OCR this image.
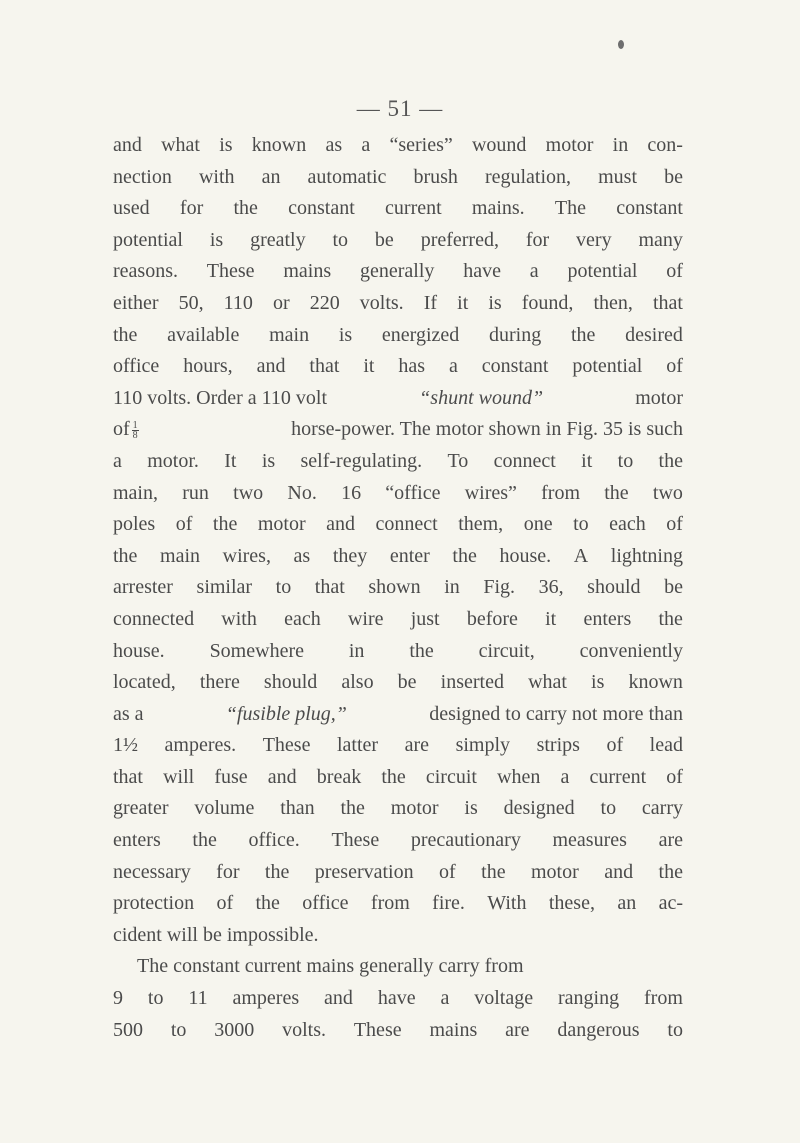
— 51 —
and what is known as a “series” wound motor in con-
nection with an automatic brush regulation, must be
used for the constant current mains. The constant
potential is greatly to be preferred, for very many
reasons. These mains generally have a potential of
either 50, 110 or 220 volts. If it is found, then, that
the available main is energized during the desired
office hours, and that it has a constant potential of
110 volts. Order a 110 volt	“shunt wound”	motor
of $\frac{1}{8}$	horse-power. The motor shown in Fig. 35 is such
a motor. It is self-regulating. To connect it to the
main, run two No. 16 “office wires” from the two
poles of the motor and connect them, one to each of
the main wires, as they enter the house. A lightning
arrester similar to that shown in Fig. 36, should be
connected with each wire just before it enters the
house. Somewhere in the circuit, conveniently
located, there should also be inserted what is known
as a	“fusible plug,”	designed to carry not more than
1½ amperes. These latter are simply strips of lead
that will fuse and break the circuit when a current of
greater volume than the motor is designed to carry
enters the office. These precautionary measures are
necessary for the preservation of the motor and the
protection of the office from fire. With these, an ac-
cident will be impossible.
The constant current mains generally carry from
9 to 11 amperes and have a voltage ranging from
500 to 3000 volts. These mains are dangerous to
